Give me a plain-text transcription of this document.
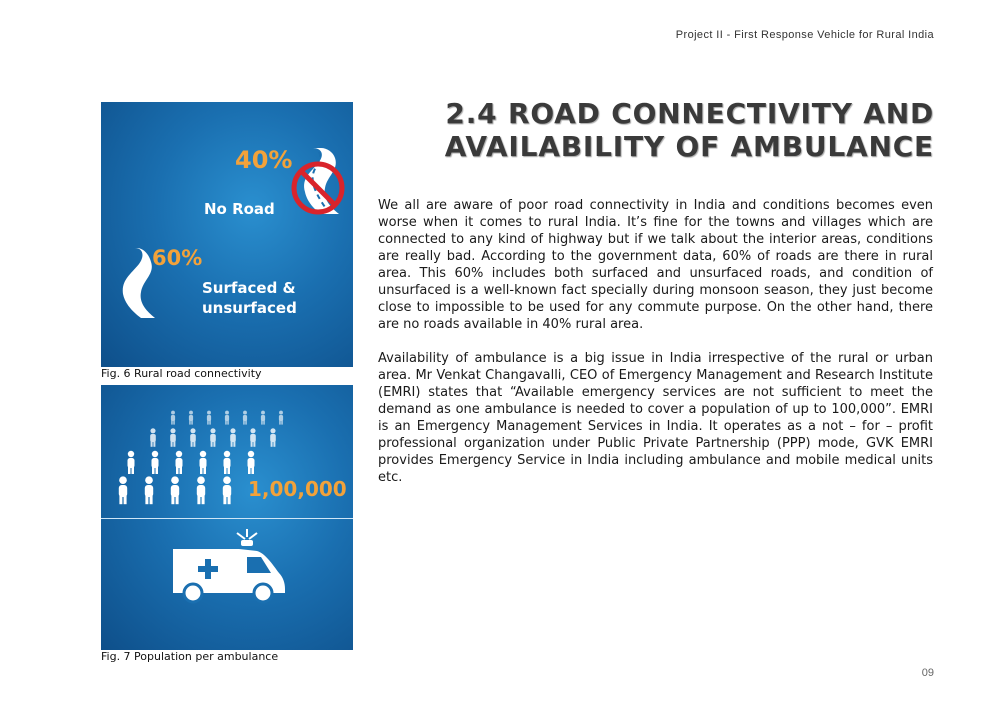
Project II - First Response Vehicle for Rural India
2.4 ROAD CONNECTIVITY AND
AVAILABILITY OF AMBULANCE
40%
No Road
60%
Surfaced &
unsurfaced
Fig. 6 Rural road connectivity
1,00,000
Fig. 7 Population per ambulance

We all are aware of poor road connectivity in India and conditions becomes even worse when it comes to rural India. It’s fine for the towns and villages which are connected to any kind of highway but if we talk about the interior areas, conditions are really bad. According to the government data, 60% of roads are there in rural area. This 60% includes both surfaced and unsurfaced roads, and condition of unsurfaced is a well-known fact specially during monsoon season, they just become close to impossible to be used for any commute purpose. On the other hand, there are no roads available in 40% rural area.

Availability of ambulance is a big issue in India irrespective of the rural or urban area. Mr Venkat Changavalli, CEO of Emergency Management and Research Institute (EMRI) states that “Available emergency services are not sufficient to meet the demand as one ambulance is needed to cover a population of up to 100,000”. EMRI is an Emergency Management Services in India. It operates as a not – for – profit professional organization under Public Private Partnership (PPP) mode, GVK EMRI provides Emergency Service in India including ambulance and mobile medical units etc.

09
